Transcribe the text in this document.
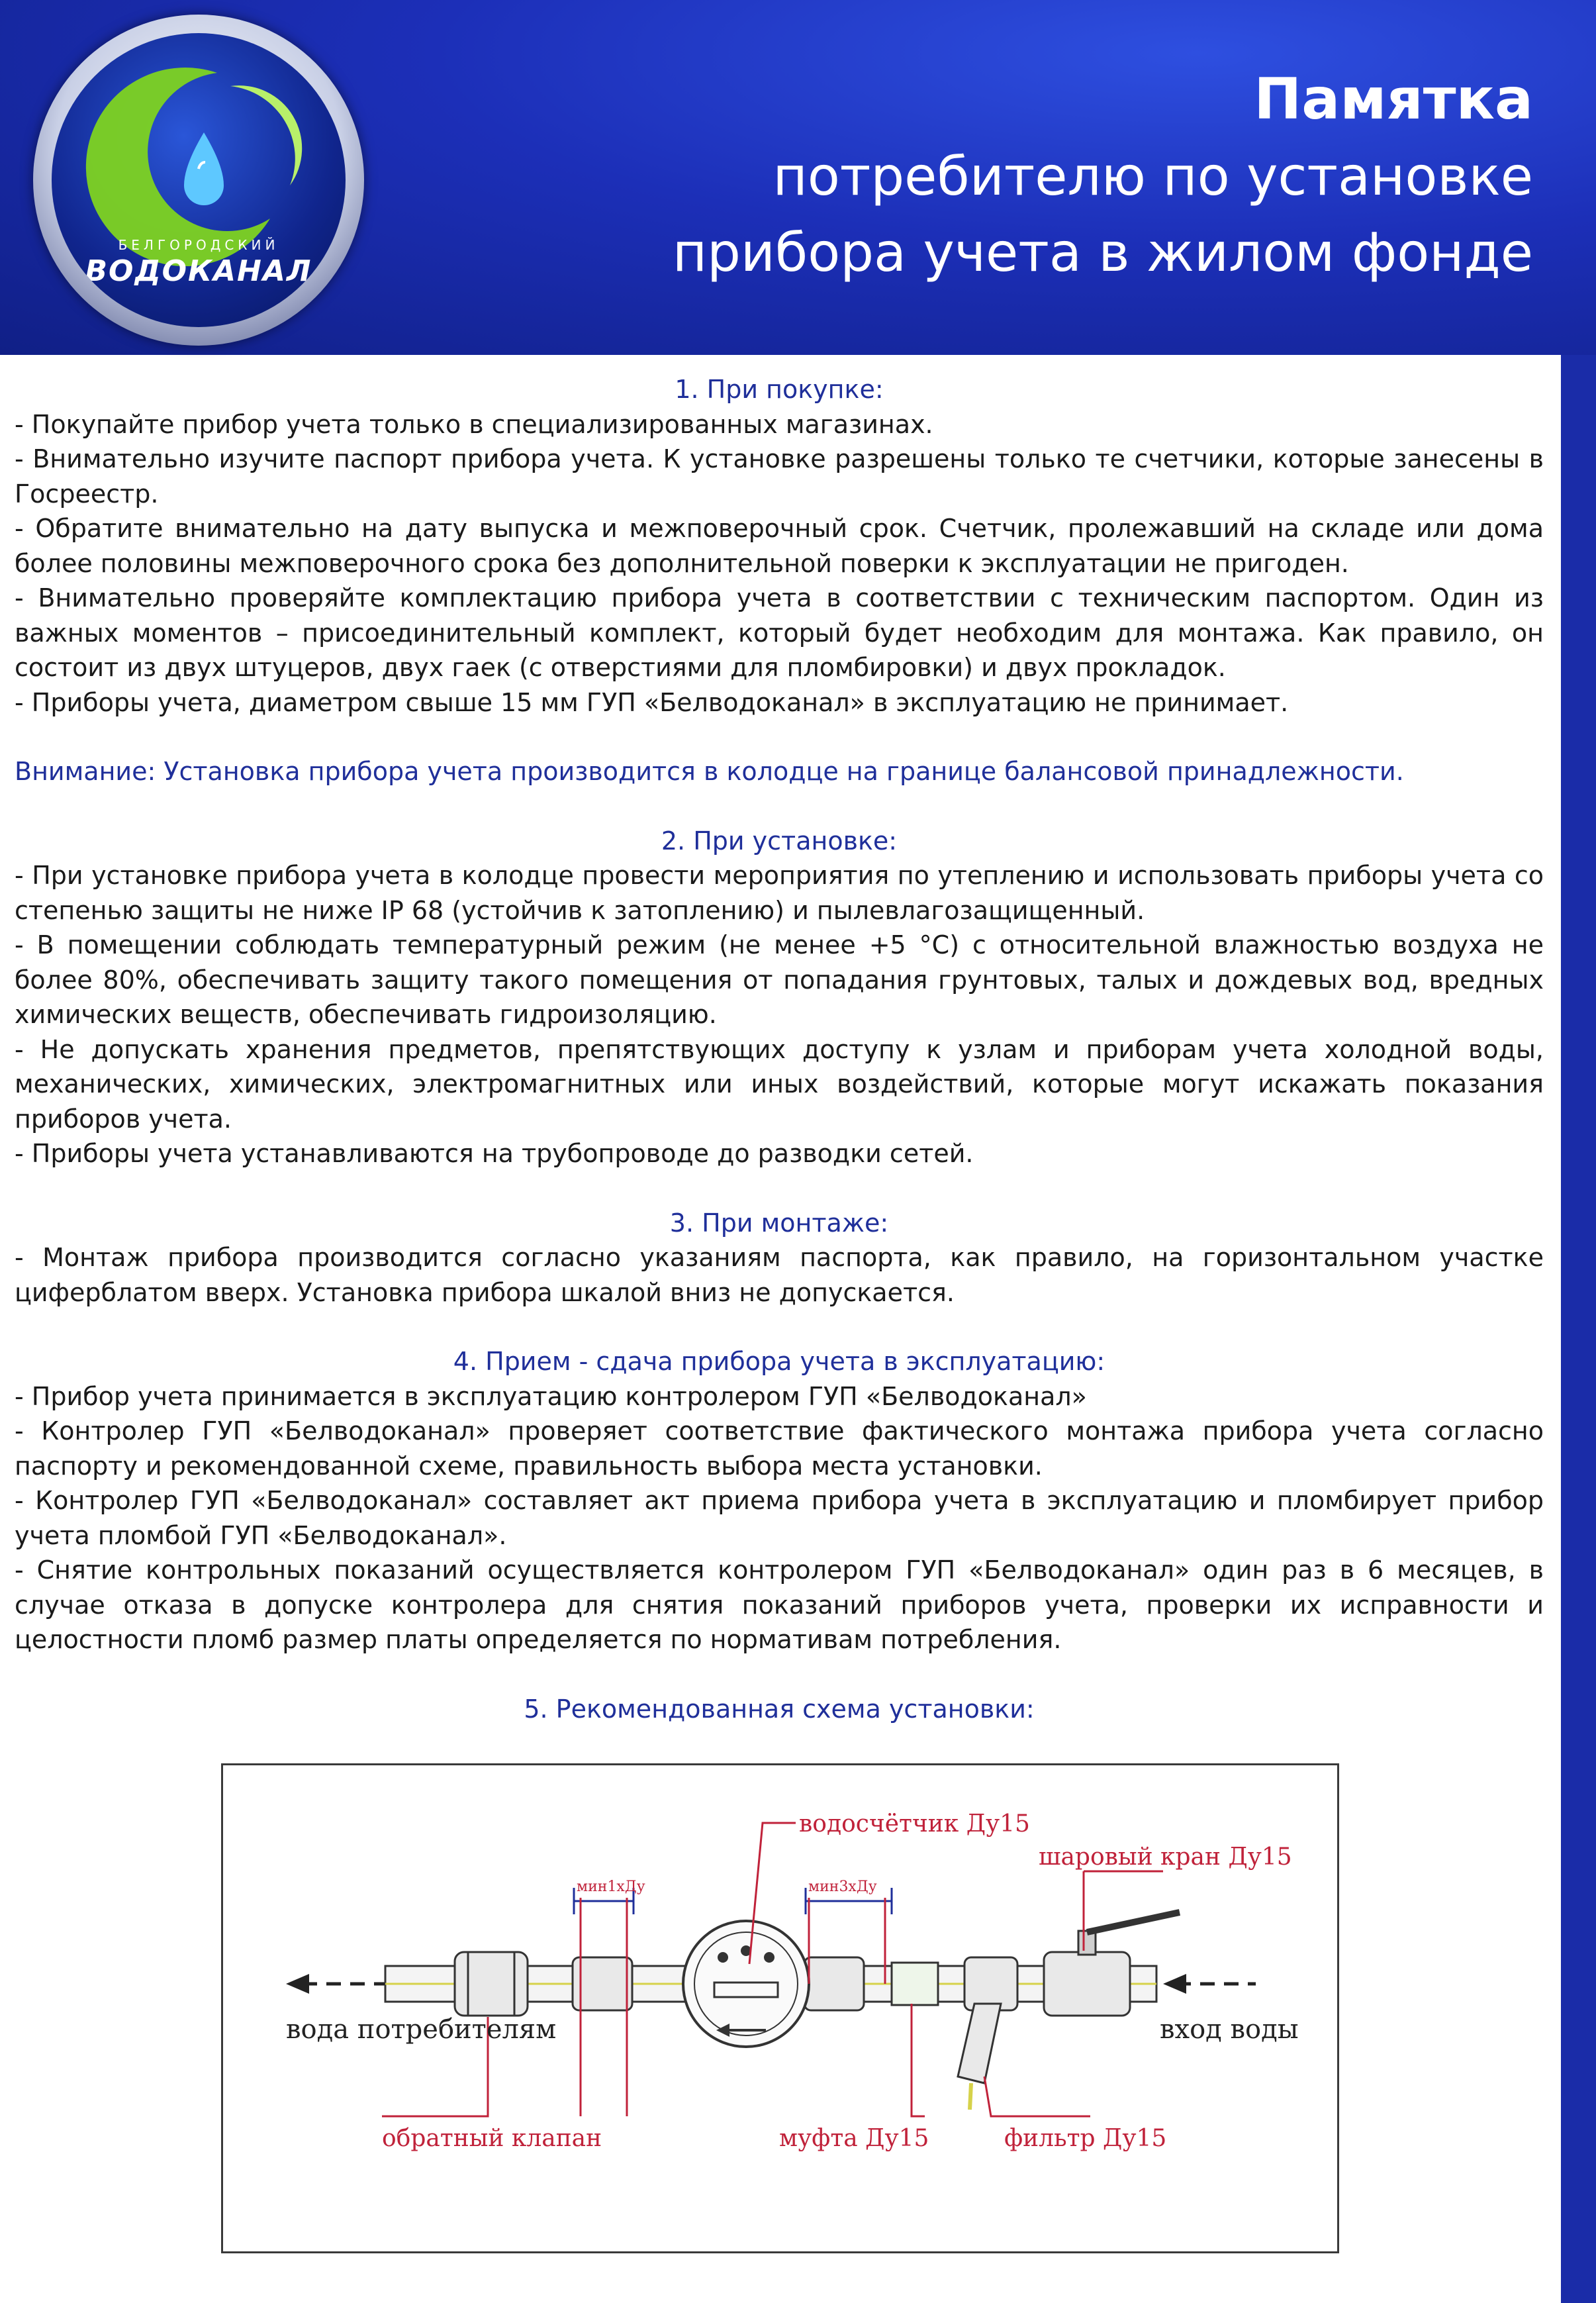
БЕЛГОРОДСКИЙ
ВОДОКАНАЛ
Памятка
потребителю по установке
прибора учета в жилом фонде

1. При покупке:

- Покупайте прибор учета только в специализированных магазинах.

- Внимательно изучите паспорт прибора учета. К установке разрешены только те счетчики, которые занесены в Госреестр.

- Обратите внимательно на дату выпуска и межповерочный срок. Счетчик, пролежавший на складе или дома более половины межповерочного срока без дополнительной поверки к эксплуатации не пригоден.

- Внимательно проверяйте комплектацию прибора учета в соответствии с техническим паспортом. Один из важных моментов – присоединительный комплект, который будет необходим для монтажа. Как правило, он состоит из двух штуцеров, двух гаек (с отверстиями для пломбировки) и двух прокладок.

- Приборы учета, диаметром свыше 15 мм ГУП «Белводоканал» в эксплуатацию не принимает.

Внимание: Установка прибора учета производится в колодце на границе балансовой принадлежности.

2. При установке:

- При установке прибора учета в колодце провести мероприятия по утеплению и использовать приборы учета со степенью защиты не ниже IP 68 (устойчив к затоплению) и пылевлагозащищенный.

- В помещении соблюдать температурный режим (не менее +5 °С) с относительной влажностью воздуха не более 80%, обеспечивать защиту такого помещения от попадания грунтовых, талых и дождевых вод, вредных химических веществ, обеспечивать гидроизоляцию.

- Не допускать хранения предметов, препятствующих доступу к узлам и приборам учета холодной воды, механических, химических, электромагнитных или иных воздействий, которые могут искажать показания приборов учета.

- Приборы учета устанавливаются на трубопроводе до разводки сетей.

3. При монтаже:

- Монтаж прибора производится согласно указаниям паспорта, как правило, на горизонтальном участке циферблатом вверх. Установка прибора шкалой вниз не допускается.

4. Прием - сдача прибора учета в эксплуатацию:

- Прибор учета принимается в эксплуатацию контролером ГУП «Белводоканал»

- Контролер ГУП «Белводоканал» проверяет соответствие фактического монтажа прибора учета согласно паспорту и рекомендованной схеме, правильность выбора места установки.

- Контролер ГУП «Белводоканал» составляет акт приема прибора учета в эксплуатацию и пломбирует прибор учета пломбой ГУП «Белводоканал».

- Снятие контрольных показаний осуществляется контролером ГУП «Белводоканал» один раз в 6 месяцев, в случае отказа в допуске контролера для снятия показаний приборов учета, проверки их исправности и целостности пломб размер платы определяется по нормативам потребления.

5. Рекомендованная схема установки:

водосчётчик Ду15
мин1хДу	мин3хДу
шаровый кран Ду15
вода потребителям	вход воды
обратный клапан	муфта Ду15	фильтр Ду15
